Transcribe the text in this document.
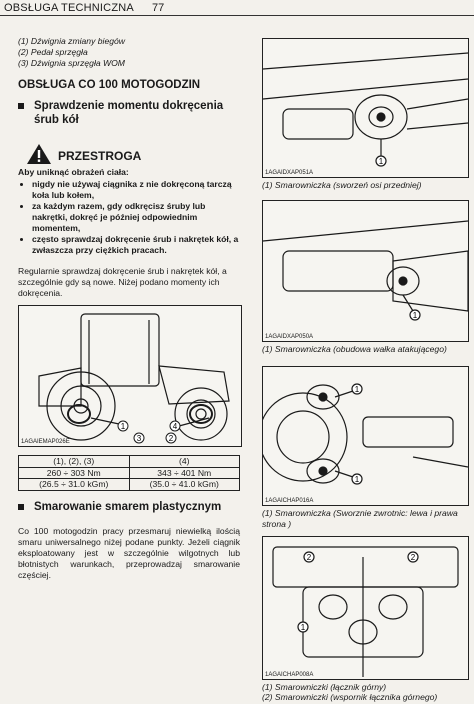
OBSŁUGA TECHNICZNA 77

(1) Dźwignia zmiany biegów

(2) Pedał sprzęgła

(3) Dźwignia sprzęgła WOM

OBSŁUGA CO 100 MOTOGODZIN
Sprawdzenie momentu dokręcenia śrub kół
PRZESTROGA

Aby uniknąć obrażeń ciała:

• nigdy nie używaj ciągnika z nie dokręconą tarczą koła lub kołem,
• za każdym razem, gdy odkręcisz śruby lub nakrętki, dokręć je później odpowiednim momentem,
• często sprawdzaj dokręcenie śrub i nakrętek kół, a zwłaszcza przy ciężkich pracach.

Regularnie sprawdzaj dokręcenie śrub i nakrętek kół, a szczególnie gdy są nowe. Niżej podano momenty ich dokręcenia.

1
2
3
4
1AGAIEMAP026E
(1), (2), (3)	(4)
260 ÷ 303 Nm	343 ÷ 401 Nm
(26.5 ÷ 31.0 kGm)	(35.0 ÷ 41.0 kGm)
Smarowanie smarem plastycznym

Co 100 motogodzin pracy przesmaruj niewielką ilością smaru uniwersalnego niżej podane punkty. Jeżeli ciągnik eksploatowany jest w szczególnie wilgotnych lub błotnistych warunkach, przeprowadzaj smarowanie częściej.

1
1AGAIDXAP051A
(1) Smarowniczka (sworzeń osi przedniej)
1
1AGAIDXAP050A
(1) Smarowniczka (obudowa wałka atakującego)
1
1
1AGAICHAP016A
(1) Smarowniczka (Sworznie zwrotnic: lewa i prawa strona )
2	2
1
1AGAICHAP008A
(1) Smarowniczki (łącznik górny)
(2) Smarowniczki (wspornik łącznika górnego)
